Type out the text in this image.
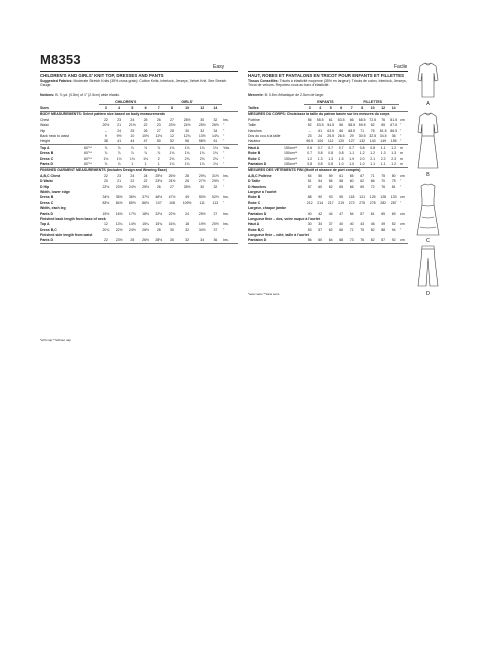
M8353	Easy	Facile
CHILDREN'S AND GIRLS' KNIT TOP, DRESSES AND PANTS
Suggested Fabrics: Moderate Stretch Knits (35% cross grain): Cotton Knits, Interlock, Jerseys, Velvet Knit. See Stretch Gauge.
Notions: B: ⅞ yd. (0.8m) of 1" (2.5cm) wide elastic.
		CHILDREN'S				GIRLS'					
Sizes		3	4	5	6	7	8	10	12	14	
BODY MEASUREMENTS: Select pattern size based on body measurements											
Chest		22	23	24	25	26	27	28½	30	32	Ins.
Waist		20½	21	21½	22	23	23½	24½	25½	26½	"
Hip		–	24	25	26	27	28	30	32	34	"
Back neck to waist		9	9½	10	10½	11½	12	12¾	13½	14¾	"
Height		38	41	44	47	50	52	56	58½	61	"
Top A	60"**	⅞	⅞	⅞	⅞	⅞	1⅛	1⅛	1⅛	1⅛	Yds.
Dress B	60"**	⅞	⅞	⅞	⅞	⅞	1⅛	1⅛	1⅛	1⅛	"
Dress C	60"**	1⅛	1⅛	1⅛	1⅛	2	2⅛	2⅛	2⅛	2⅛	"
Pants D	60"**	⅞	⅞	1	1	1	1⅛	1⅛	1⅛	1⅛	"
FINISHED GARMENT MEASUREMENTS (Includes Design and Wearing Ease)											
A,B,C Chest		22	23	24	24	25½	26½	28	29¾	31½	Ins.
D Waist		20	21	22	22	23½	24½	26	27½	29½	"
D Hip		22½	23½	24½	25½	26	27	28½	30	32	"
Width, lower edge											
Dress B		34½	35½	36½	37½	46½	47½	49	50½	52½	Ins.
Dress C		83½	84½	85½	86½	107	108	109½	111	113	"
Width, each leg											
Pants D		15½	16½	17½	18½	22½	22½	24	25½	27	Ins.
Finished back length from base of neck											
Top A		12	13¼	14½	15¼	15¾	16¾	18	19½	20½	Ins.
Dress B,C		20¾	22½	24½	26½	28	30	32	34½	37	"
Finished side length from waist											
Pants D		22	23½	25	26½	28½	30	32	34	36	Ins.
*with nap **without nap
HAUT, ROBES ET PANTALONS EN TRICOT POUR ENFANTS ET FILLETTES
Tissus Conseillés: Tricots à élasticité moyenne (35% en largeur): Tricots de coton, Interlock, Jerseys, Tricot de velours. Reportez-vous au baro d'élasticité.
Mercerie: B: 0.8m d'élastique de 2.5cm de large.
		ENFANTS				FILLETTES					
Tailles		3	4	5	6	7	8	10	12	14	
MESURES DU CORPS: Choisissez la taille du patron basée sur les mesures du corps											
Poitrine		56	58.5	61	63.5	66	68.5	72.5	76	81.5	cm
Taille		52	53.5	54.5	56	58.5	59.5	62	65	67.5	"
Hanches		–	61	63.5	66	68.5	71	76	81.5	86.5	"
Dos du cou à la taille		23	24	25.5	26.5	29	30.5	32.5	34.5	36	"
Hauteur		96.5	104	112	120	127	132	143	149	155	"
Haut A	150cm**	0.6	0.7	0.7	0.7	0.7	0.8	0.8	1.1	1.2	m
Robe B	150cm**	0.7	0.8	0.8	0.8	1.1	1.2	1.2	1.3	1.3	m
Robe C	150cm**	1.2	1.3	1.3	1.5	1.9	2.0	2.1	2.2	2.3	m
Pantalon D	150cm**	0.8	0.8	0.8	1.0	1.0	1.0	1.1	1.1	1.2	m
MESURES DES VÊTEMENTS FINI (Motif et aisance de port compris)											
A,B,C Poitrine		54	56	59	61	65	67	71	75	80	cm
D Taille		51	54	56	58	60	62	66	70	75	"
D Hanches		57	60	62	65	66	69	72	76	81	"
Largeur à l'ourlet											
Robe B		88	90	93	95	118	121	125	128	133	cm
Robe C		212	214	217	219	272	275	278	282	287	"
Largeur, chaque jambe											
Pantalon D		40	42	44	47	54	57	61	65	69	cm
Longueur finie – dos, votre nuque à l'ourlet											
Haut A		30	34	37	40	40	43	46	49	52	cm
Robe B,C		53	57	62	66	71	75	82	88	94	"
Longueur finie – côté, taille à l'ourlet											
Pantalon D		56	60	64	68	73	76	82	87	92	cm
*avec sens **sans sens
A
B
C
D
